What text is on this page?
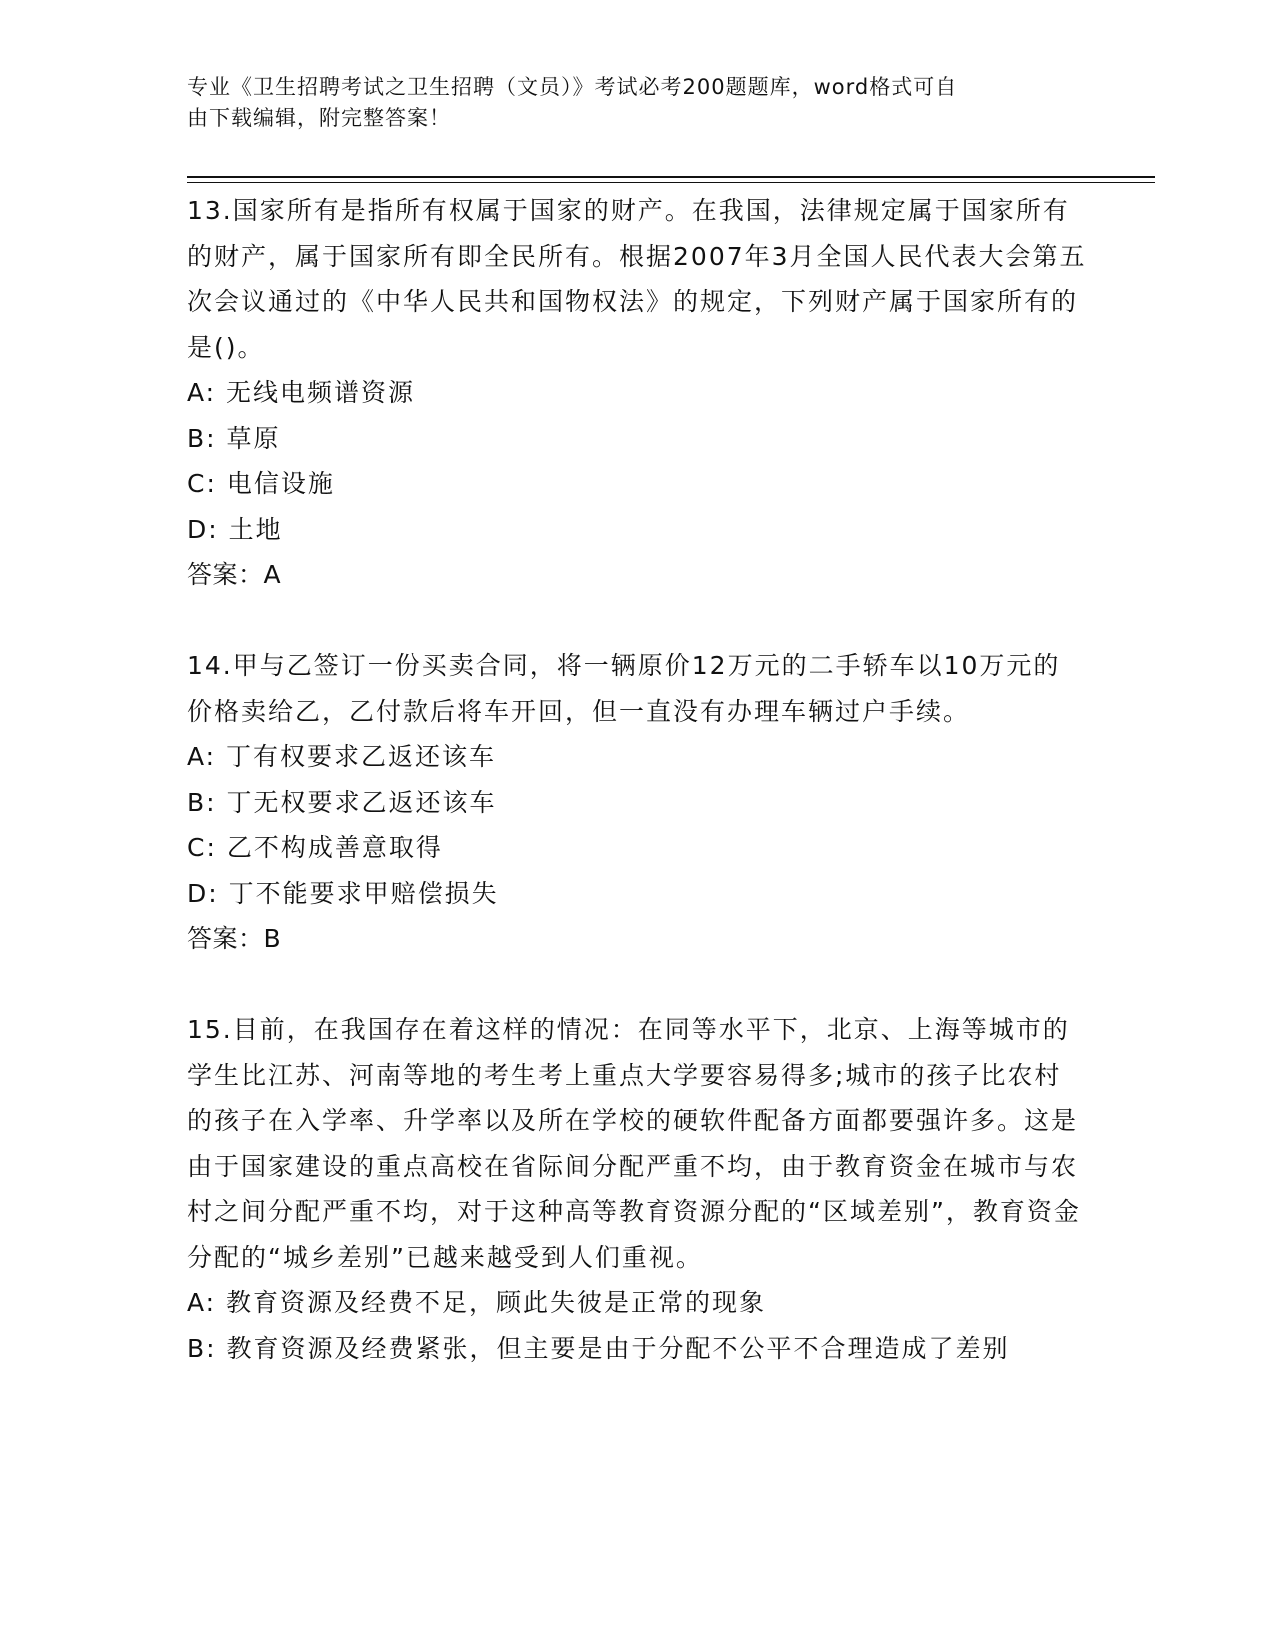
专业《卫生招聘考试之卫生招聘（文员）》考试必考200题题库，word格式可自
由下载编辑，附完整答案！

13.国家所有是指所有权属于国家的财产。在我国，法律规定属于国家所有的财产，属于国家所有即全民所有。根据2007年3月全国人民代表大会第五次会议通过的《中华人民共和国物权法》的规定，下列财产属于国家所有的是()。

A: 无线电频谱资源

B: 草原

C: 电信设施

D: 土地

答案：A

14.甲与乙签订一份买卖合同，将一辆原价12万元的二手轿车以10万元的价格卖给乙，乙付款后将车开回，但一直没有办理车辆过户手续。

A: 丁有权要求乙返还该车

B: 丁无权要求乙返还该车

C: 乙不构成善意取得

D: 丁不能要求甲赔偿损失

答案：B

15.目前，在我国存在着这样的情况：在同等水平下，北京、上海等城市的学生比江苏、河南等地的考生考上重点大学要容易得多;城市的孩子比农村的孩子在入学率、升学率以及所在学校的硬软件配备方面都要强许多。这是由于国家建设的重点高校在省际间分配严重不均，由于教育资金在城市与农村之间分配严重不均，对于这种高等教育资源分配的“区域差别”，教育资金分配的“城乡差别”已越来越受到人们重视。

A: 教育资源及经费不足，顾此失彼是正常的现象

B: 教育资源及经费紧张，但主要是由于分配不公平不合理造成了差别
